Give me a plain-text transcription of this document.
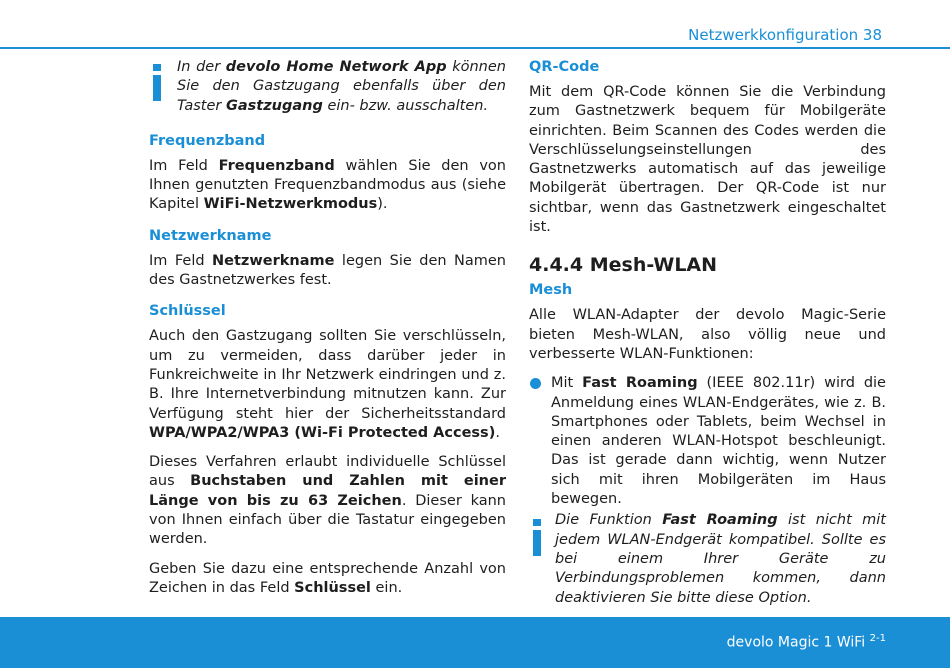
Netzwerkkonfiguration 38
In der devolo Home Network App können Sie den Gastzugang ebenfalls über den Taster Gastzugang ein- bzw. ausschalten.
Frequenzband

Im Feld Frequenzband wählen Sie den von Ihnen genutzten Frequenzbandmodus aus (siehe Kapitel WiFi-Netzwerkmodus).

Netzwerkname

Im Feld Netzwerkname legen Sie den Namen des Gastnetzwerkes fest.

Schlüssel

Auch den Gastzugang sollten Sie verschlüsseln, um zu vermeiden, dass darüber jeder in Funkreichweite in Ihr Netzwerk eindringen und z. B. Ihre Internetverbindung mitnutzen kann. Zur Verfügung steht hier der Sicherheitsstandard WPA/WPA2/WPA3 (Wi-Fi Protected Access).

Dieses Verfahren erlaubt individuelle Schlüssel aus Buchstaben und Zahlen mit einer Länge von bis zu 63 Zeichen. Dieser kann von Ihnen einfach über die Tastatur eingegeben werden.

Geben Sie dazu eine entsprechende Anzahl von Zeichen in das Feld Schlüssel ein.

QR-Code

Mit dem QR-Code können Sie die Verbindung zum Gastnetzwerk bequem für Mobilgeräte einrichten. Beim Scannen des Codes werden die Verschlüsselungseinstellungen des Gastnetzwerks automatisch auf das jeweilige Mobilgerät übertragen. Der QR-Code ist nur sichtbar, wenn das Gastnetzwerk eingeschaltet ist.

4.4.4 Mesh-WLAN
Mesh

Alle WLAN-Adapter der devolo Magic-Serie bieten Mesh-WLAN, also völlig neue und verbesserte WLAN-Funktionen:

Mit Fast Roaming (IEEE 802.11r) wird die Anmeldung eines WLAN-Endgerätes, wie z. B. Smartphones oder Tablets, beim Wechsel in einen anderen WLAN-Hotspot beschleunigt. Das ist gerade dann wichtig, wenn Nutzer sich mit ihren Mobilgeräten im Haus bewegen.
Die Funktion Fast Roaming ist nicht mit jedem WLAN-Endgerät kompatibel. Sollte es bei einem Ihrer Geräte zu Verbindungsproblemen kommen, dann deaktivieren Sie bitte diese Option.
devolo Magic 1 WiFi $^{2-1}$
